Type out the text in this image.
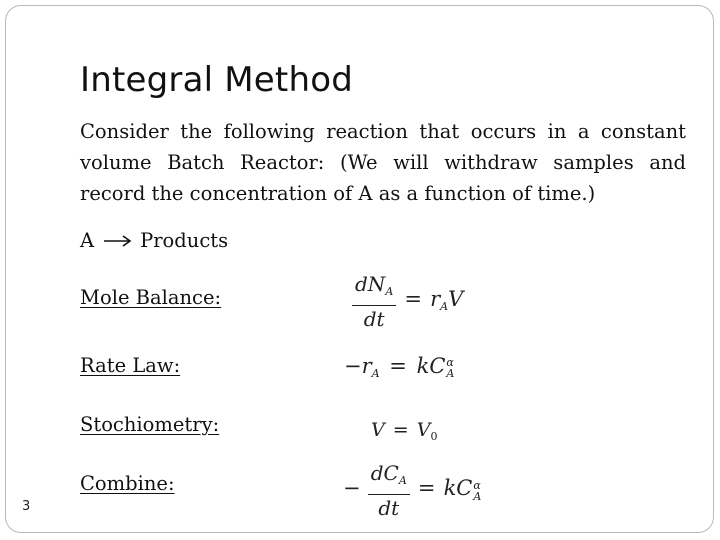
Integral Method
Consider the following reaction that occurs in a constant volume Batch Reactor: (We will withdraw samples and record the concentration of A as a function of time.)
A Products
Mole Balance:
Rate Law:
Stochiometry:
Combine:
$\frac{dN_A}{dt} = r_AV$
$-r_A$ = kC α
A
$V = V_0$
− $\frac{dC_A}{dt}$ = kC α
A
3
